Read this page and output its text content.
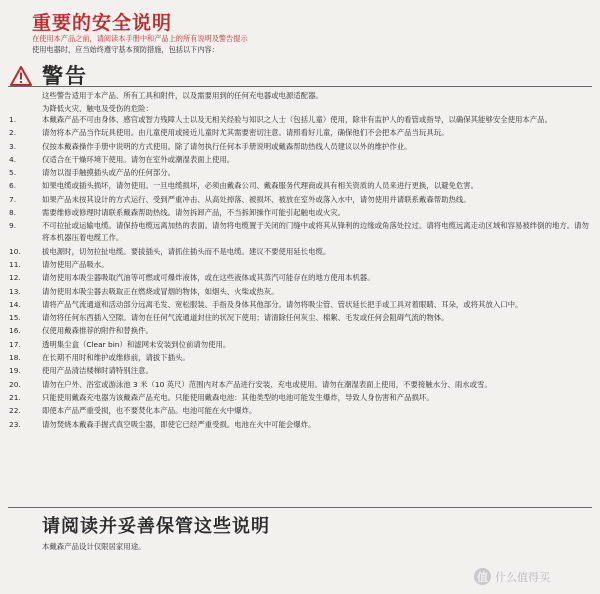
重要的安全说明
在使用本产品之前，请阅读本手册中和产品上的所有说明及警告提示
使用电器时，应当始终遵守基本预防措施，包括以下内容：
警告
这些警告适用于本产品、所有工具和附件，以及需要用到的任何充电器或电源适配器。
为降低火灾、触电及受伤的危险：
1.	本戴森产品不可由身体、感官或智力残障人士以及无相关经验与知识之人士（包括儿童）使用，除非有监护人的看管或指导，以确保其能够安全使用本产品。
2.	请勿将本产品当作玩具使用。由儿童使用或接近儿童时尤其需要密切注意。请照看好儿童，确保他们不会把本产品当玩具玩。
3.	仅按本戴森操作手册中说明的方式使用。除了请勿执行任何本手册说明或戴森帮助热线人员建议以外的维护作业。
4.	仅适合在干燥环境下使用。请勿在室外或潮湿表面上使用。
5.	请勿以湿手触摸插头或产品的任何部分。
6.	如果电缆或插头损坏，请勿使用。一旦电缆损坏，必须由戴森公司、戴森服务代理商或具有相关资质的人员来进行更换，以避免危害。
7.	如果产品未按其设计的方式运行、受到严重冲击、从高处掉落、被损坏、被放在室外或落入水中，请勿使用并请联系戴森帮助热线。
8.	需要维修或修理时请联系戴森帮助热线。请勿拆卸产品，不当拆卸操作可能引起触电或火灾。
9.	不可拉扯或运输电缆。请保持电缆远离加热的表面。请勿将电缆置于关闭的门缝中或将其从锋利的边缘或角落处拉过。请将电缆远离走动区域和容易被绊倒的地方。请勿将本机器压着电缆工作。
10.	拔电源时，切勿拉扯电缆。要拔插头，请抓住插头而不是电缆。建议不要使用延长电缆。
11.	请勿使用产品吸水。
12.	请勿使用本吸尘器吸取汽油等可燃或可爆炸液体，或在这些液体或其蒸汽可能存在的地方使用本机器。
13.	请勿使用本吸尘器去吸取正在燃烧或冒烟的物体，如烟头、火柴或热灰。
14.	请将产品气流通道和活动部分远离毛发、宽松服装、手指及身体其他部分。请勿将吸尘管、管状延长把手或工具对着眼睛、耳朵，或将其放入口中。
15.	请勿将任何东西插入空隙。请勿在任何气流通道封住的状况下使用；请清除任何灰尘、棉絮、毛发或任何会阻碍气流的物体。
16.	仅使用戴森推荐的附件和替换件。
17.	透明集尘盒（Clear bin）和滤网未安装到位前请勿使用。
18.	在长期不用时和维护或维修前，请拔下插头。
19.	使用产品清洁楼梯时请特别注意。
20.	请勿在户外、浴室或游泳池 3 米（10 英尺）范围内对本产品进行安装、充电或使用。请勿在潮湿表面上使用，不要接触水分、雨水或雪。
21.	只能使用戴森充电器为该戴森产品充电。只能使用戴森电池：其他类型的电池可能发生爆炸，导致人身伤害和产品损坏。
22.	即使本产品严重受损，也不要焚化本产品。电池可能在火中爆炸。
23.	请勿焚烧本戴森手握式真空吸尘器，即使它已经严重受损。电池在火中可能会爆炸。
请阅读并妥善保管这些说明
本戴森产品设计仅限居家用途。
值 什么值得买
